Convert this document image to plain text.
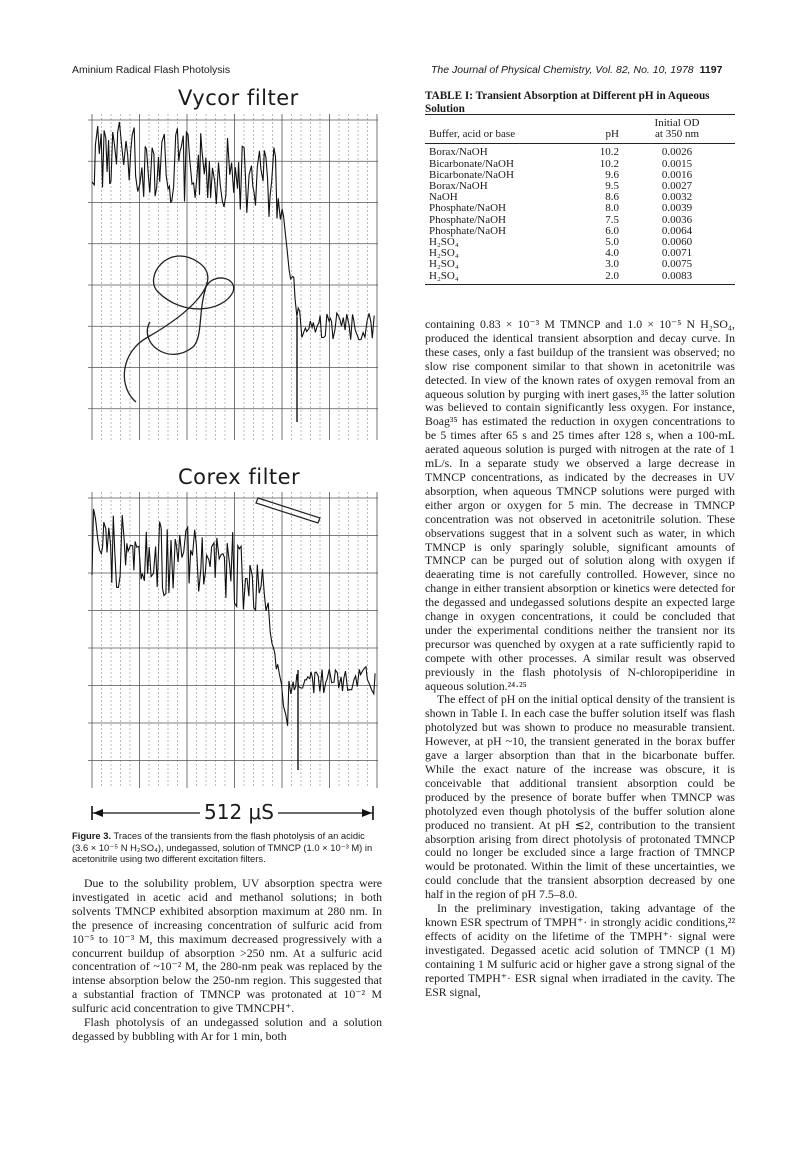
Aminium Radical Flash Photolysis	The Journal of Physical Chemistry, Vol. 82, No. 10, 1978 1197
Vycor filter
Corex filter
512 μS
Figure 3. Traces of the transients from the flash photolysis of an acidic (3.6 × 10⁻⁵ N H₂SO₄), undegassed, solution of TMNCP (1.0 × 10⁻³ M) in acetonitrile using two different excitation filters.

Due to the solubility problem, UV absorption spectra were investigated in acetic acid and methanol solutions; in both solvents TMNCP exhibited absorption maximum at 280 nm. In the presence of increasing concentration of sulfuric acid from 10⁻⁵ to 10⁻³ M, this maximum decreased progressively with a concurrent buildup of absorption >250 nm. At a sulfuric acid concentration of ~10⁻² M, the 280-nm peak was replaced by the intense absorption below the 250-nm region. This suggested that a substantial fraction of TMNCP was protonated at 10⁻² M sulfuric acid concentration to give TMNCPH⁺.

Flash photolysis of an undegassed solution and a solution degassed by bubbling with Ar for 1 min, both

TABLE I: Transient Absorption at Different pH in Aqueous Solution
		Initial OD
Buffer, acid or base	pH	at 350 nm
Borax/NaOH	10.2	0.0026
Bicarbonate/NaOH	10.2	0.0015
Bicarbonate/NaOH	9.6	0.0016
Borax/NaOH	9.5	0.0027
NaOH	8.6	0.0032
Phosphate/NaOH	8.0	0.0039
Phosphate/NaOH	7.5	0.0036
Phosphate/NaOH	6.0	0.0064
H₂SO₄	5.0	0.0060
H₂SO₄	4.0	0.0071
H₂SO₄	3.0	0.0075
H₂SO₄	2.0	0.0083

containing 0.83 × 10⁻³ M TMNCP and 1.0 × 10⁻⁵ N H₂SO₄, produced the identical transient absorption and decay curve. In these cases, only a fast buildup of the transient was observed; no slow rise component similar to that shown in acetonitrile was detected. In view of the known rates of oxygen removal from an aqueous solution by purging with inert gases,³⁵ the latter solution was believed to contain significantly less oxygen. For instance, Boag³⁵ has estimated the reduction in oxygen concentrations to be 5 times after 65 s and 25 times after 128 s, when a 100-mL aerated aqueous solution is purged with nitrogen at the rate of 1 mL/s. In a separate study we observed a large decrease in TMNCP concentrations, as indicated by the decreases in UV absorption, when aqueous TMNCP solutions were purged with either argon or oxygen for 5 min. The decrease in TMNCP concentration was not observed in acetonitrile solution. These observations suggest that in a solvent such as water, in which TMNCP is only sparingly soluble, significant amounts of TMNCP can be purged out of solution along with oxygen if deaerating time is not carefully controlled. However, since no change in either transient absorption or kinetics were detected for the degassed and undegassed solutions despite an expected large change in oxygen concentrations, it could be concluded that under the experimental conditions neither the transient nor its precursor was quenched by oxygen at a rate sufficiently rapid to compete with other processes. A similar result was observed previously in the flash photolysis of N-chloropiperidine in aqueous solution.²⁴·²⁵

The effect of pH on the initial optical density of the transient is shown in Table I. In each case the buffer solution itself was flash photolyzed but was shown to produce no measurable transient. However, at pH ~10, the transient generated in the borax buffer gave a larger absorption than that in the bicarbonate buffer. While the exact nature of the increase was obscure, it is conceivable that additional transient absorption could be produced by the presence of borate buffer when TMNCP was photolyzed even though photolysis of the buffer solution alone produced no transient. At pH ≲2, contribution to the transient absorption arising from direct photolysis of protonated TMNCP could no longer be excluded since a large fraction of TMNCP would be protonated. Within the limit of these uncertainties, we could conclude that the transient absorption decreased by one half in the region of pH 7.5–8.0.

In the preliminary investigation, taking advantage of the known ESR spectrum of TMPH⁺· in strongly acidic conditions,²² effects of acidity on the lifetime of the TMPH⁺· signal were investigated. Degassed acetic acid solution of TMNCP (1 M) containing 1 M sulfuric acid or higher gave a strong signal of the reported TMPH⁺· ESR signal when irradiated in the cavity. The ESR signal,
